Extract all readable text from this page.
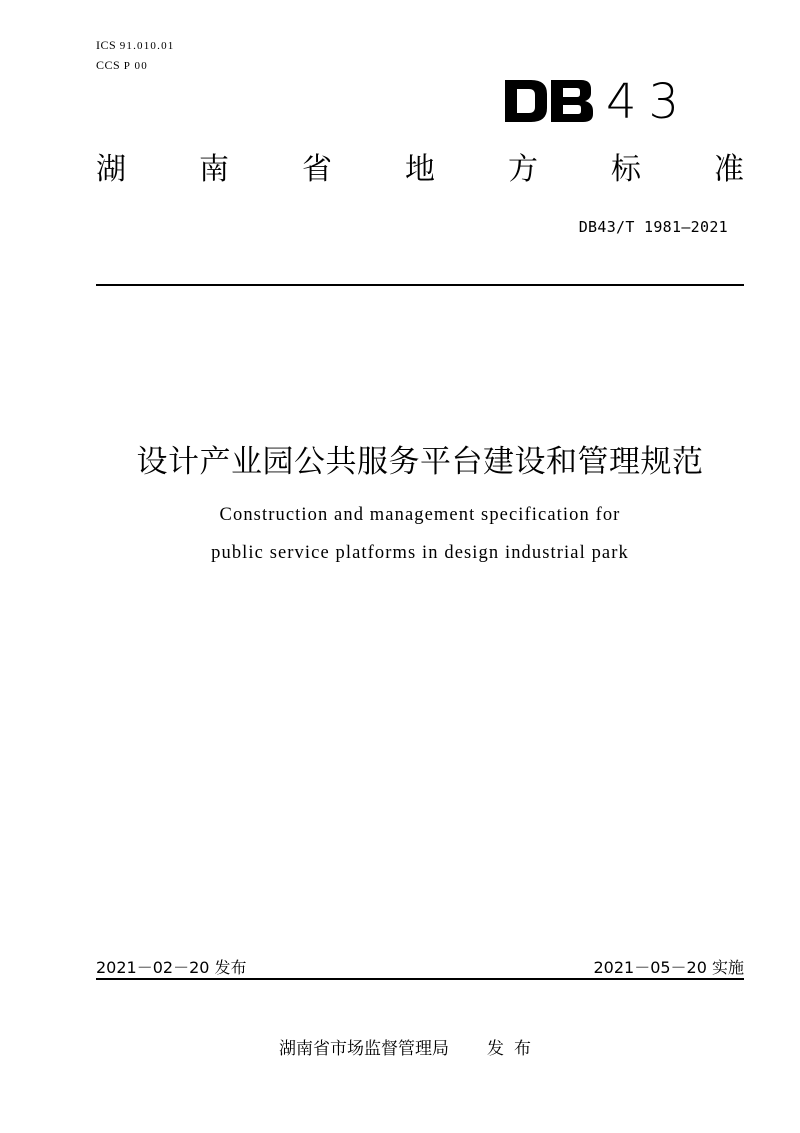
ICS 91.010.01
CCS P 00
43
湖 南 省 地 方 标 准
DB43/T 1981—2021
设计产业园公共服务平台建设和管理规范
Construction and management specification for
public service platforms in design industrial park
2021－02－20 发布	2021－05－20 实施
湖南省市场监督管理局 发布
